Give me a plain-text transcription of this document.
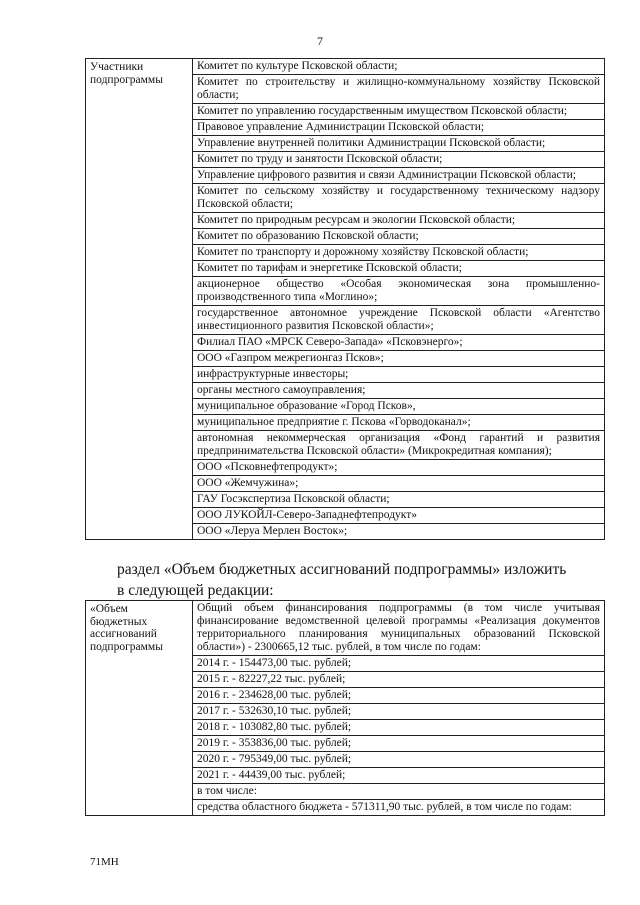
7
Участники подпрограммы	
Комитет по культуре Псковской области;
Комитет по строительству и жилищно-коммунальному хозяйству Псковской области;
Комитет по управлению государственным имуществом Псковской области;
Правовое управление Администрации Псковской области;
Управление внутренней политики Администрации Псковской области;
Комитет по труду и занятости Псковской области;
Управление цифрового развития и связи Администрации Псковской области;
Комитет по сельскому хозяйству и государственному техническому надзору Псковской области;
Комитет по природным ресурсам и экологии Псковской области;
Комитет по образованию Псковской области;
Комитет по транспорту и дорожному хозяйству Псковской области;
Комитет по тарифам и энергетике Псковской области;
акционерное общество «Особая экономическая зона промышленно-производственного типа «Моглино»;
государственное автономное учреждение Псковской области «Агентство инвестиционного развития Псковской области»;
Филиал ПАО «МРСК Северо-Запада» «Псковэнерго»;
ООО «Газпром межрегионгаз Псков»;
инфраструктурные инвесторы;
органы местного самоуправления;
муниципальное образование «Город Псков»,
муниципальное предприятие г. Пскова «Горводоканал»;
автономная некоммерческая организация «Фонд гарантий и развития предпринимательства Псковской области» (Микрокредитная компания);
ООО «Псковнефтепродукт»;
ООО «Жемчужина»;
ГАУ Госэкспертиза Псковской области;
ООО ЛУКОЙЛ-Северо-Западнефтепродукт»
ООО «Леруа Мерлен Восток»;
раздел «Объем бюджетных ассигнований подпрограммы» изложить
в следующей редакции:
«Объем бюджетных ассигнований подпрограммы	
Общий объем финансирования подпрограммы (в том числе учитывая финансирование ведомственной целевой программы «Реализация документов территориального планирования муниципальных образований Псковской области») - 2300665,12 тыс. рублей, в том числе по годам:
2014 г. - 154473,00 тыс. рублей;
2015 г. - 82227,22 тыс. рублей;
2016 г. - 234628,00 тыс. рублей;
2017 г. - 532630,10 тыс. рублей;
2018 г. - 103082,80 тыс. рублей;
2019 г. - 353836,00 тыс. рублей;
2020 г. - 795349,00 тыс. рублей;
2021 г. - 44439,00 тыс. рублей;
в том числе:
средства областного бюджета - 571311,90 тыс. рублей, в том числе по годам:
71МН
